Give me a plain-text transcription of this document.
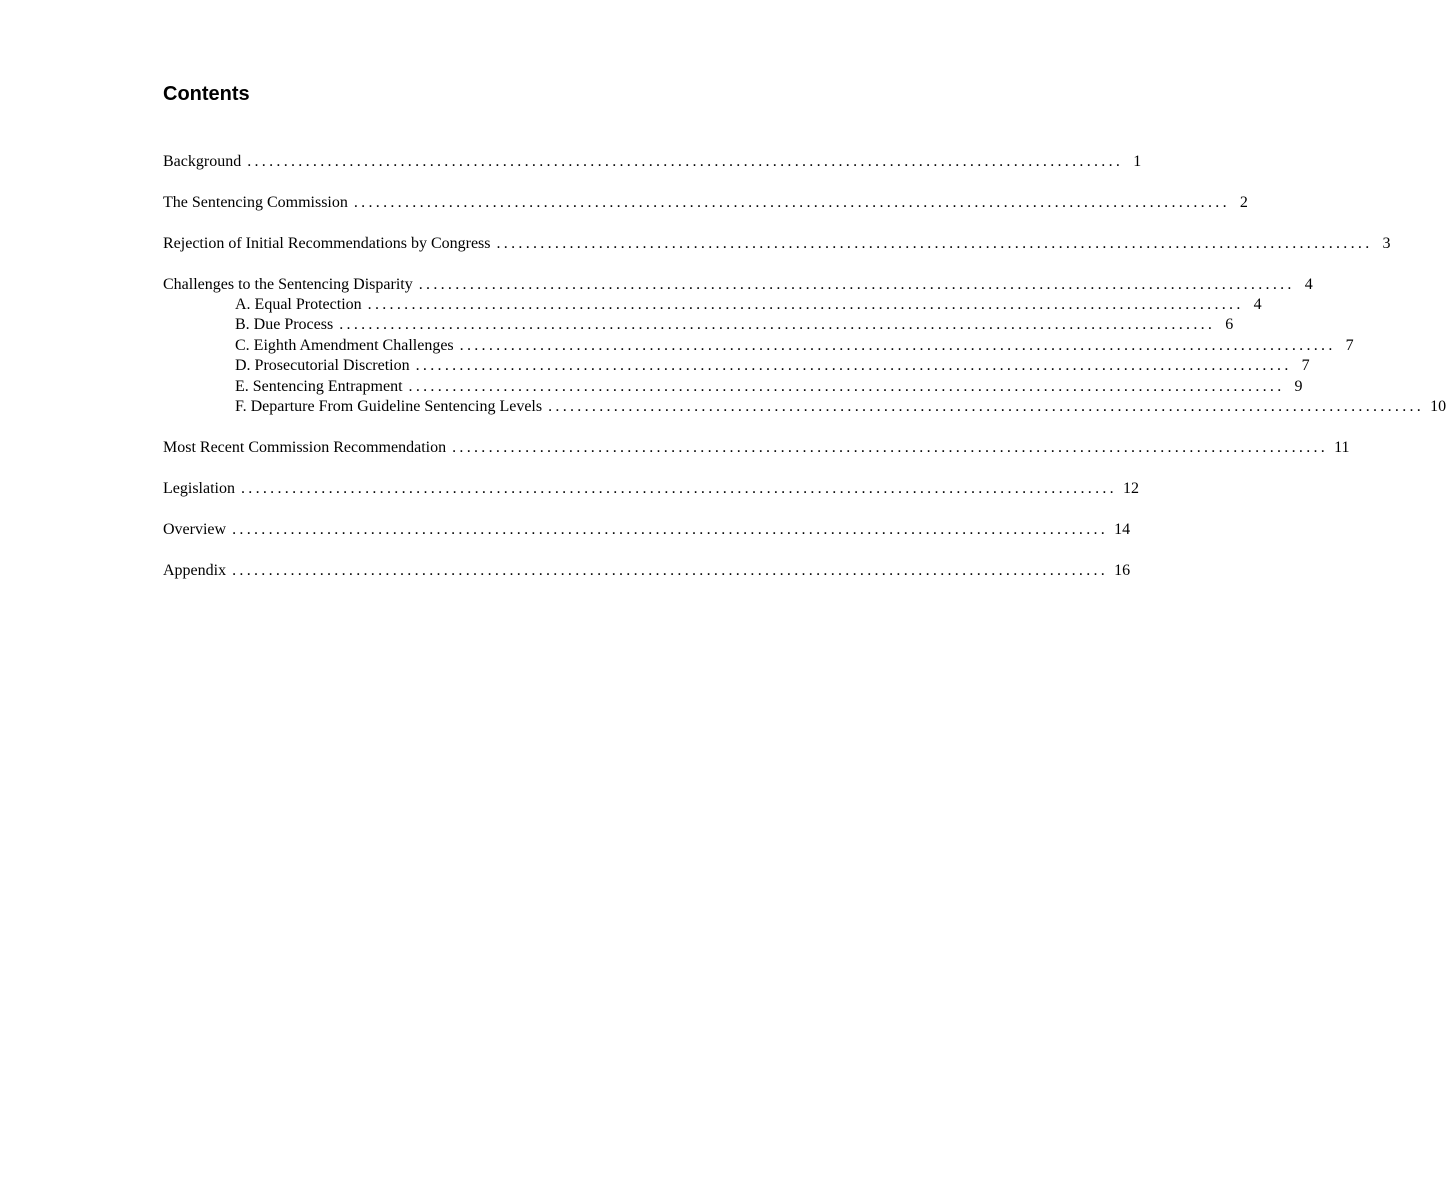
Contents
Background ........................................................................................................................ 1
The Sentencing Commission ........................................................................................................................ 2
Rejection of Initial Recommendations by Congress ........................................................................................................................ 3
Challenges to the Sentencing Disparity ........................................................................................................................ 4
A. Equal Protection ........................................................................................................................ 4
B. Due Process ........................................................................................................................ 6
C. Eighth Amendment Challenges ........................................................................................................................ 7
D. Prosecutorial Discretion ........................................................................................................................ 7
E. Sentencing Entrapment ........................................................................................................................ 9
F. Departure From Guideline Sentencing Levels ........................................................................................................................ 10
Most Recent Commission Recommendation ........................................................................................................................ 11
Legislation ........................................................................................................................ 12
Overview ........................................................................................................................ 14
Appendix ........................................................................................................................ 16
